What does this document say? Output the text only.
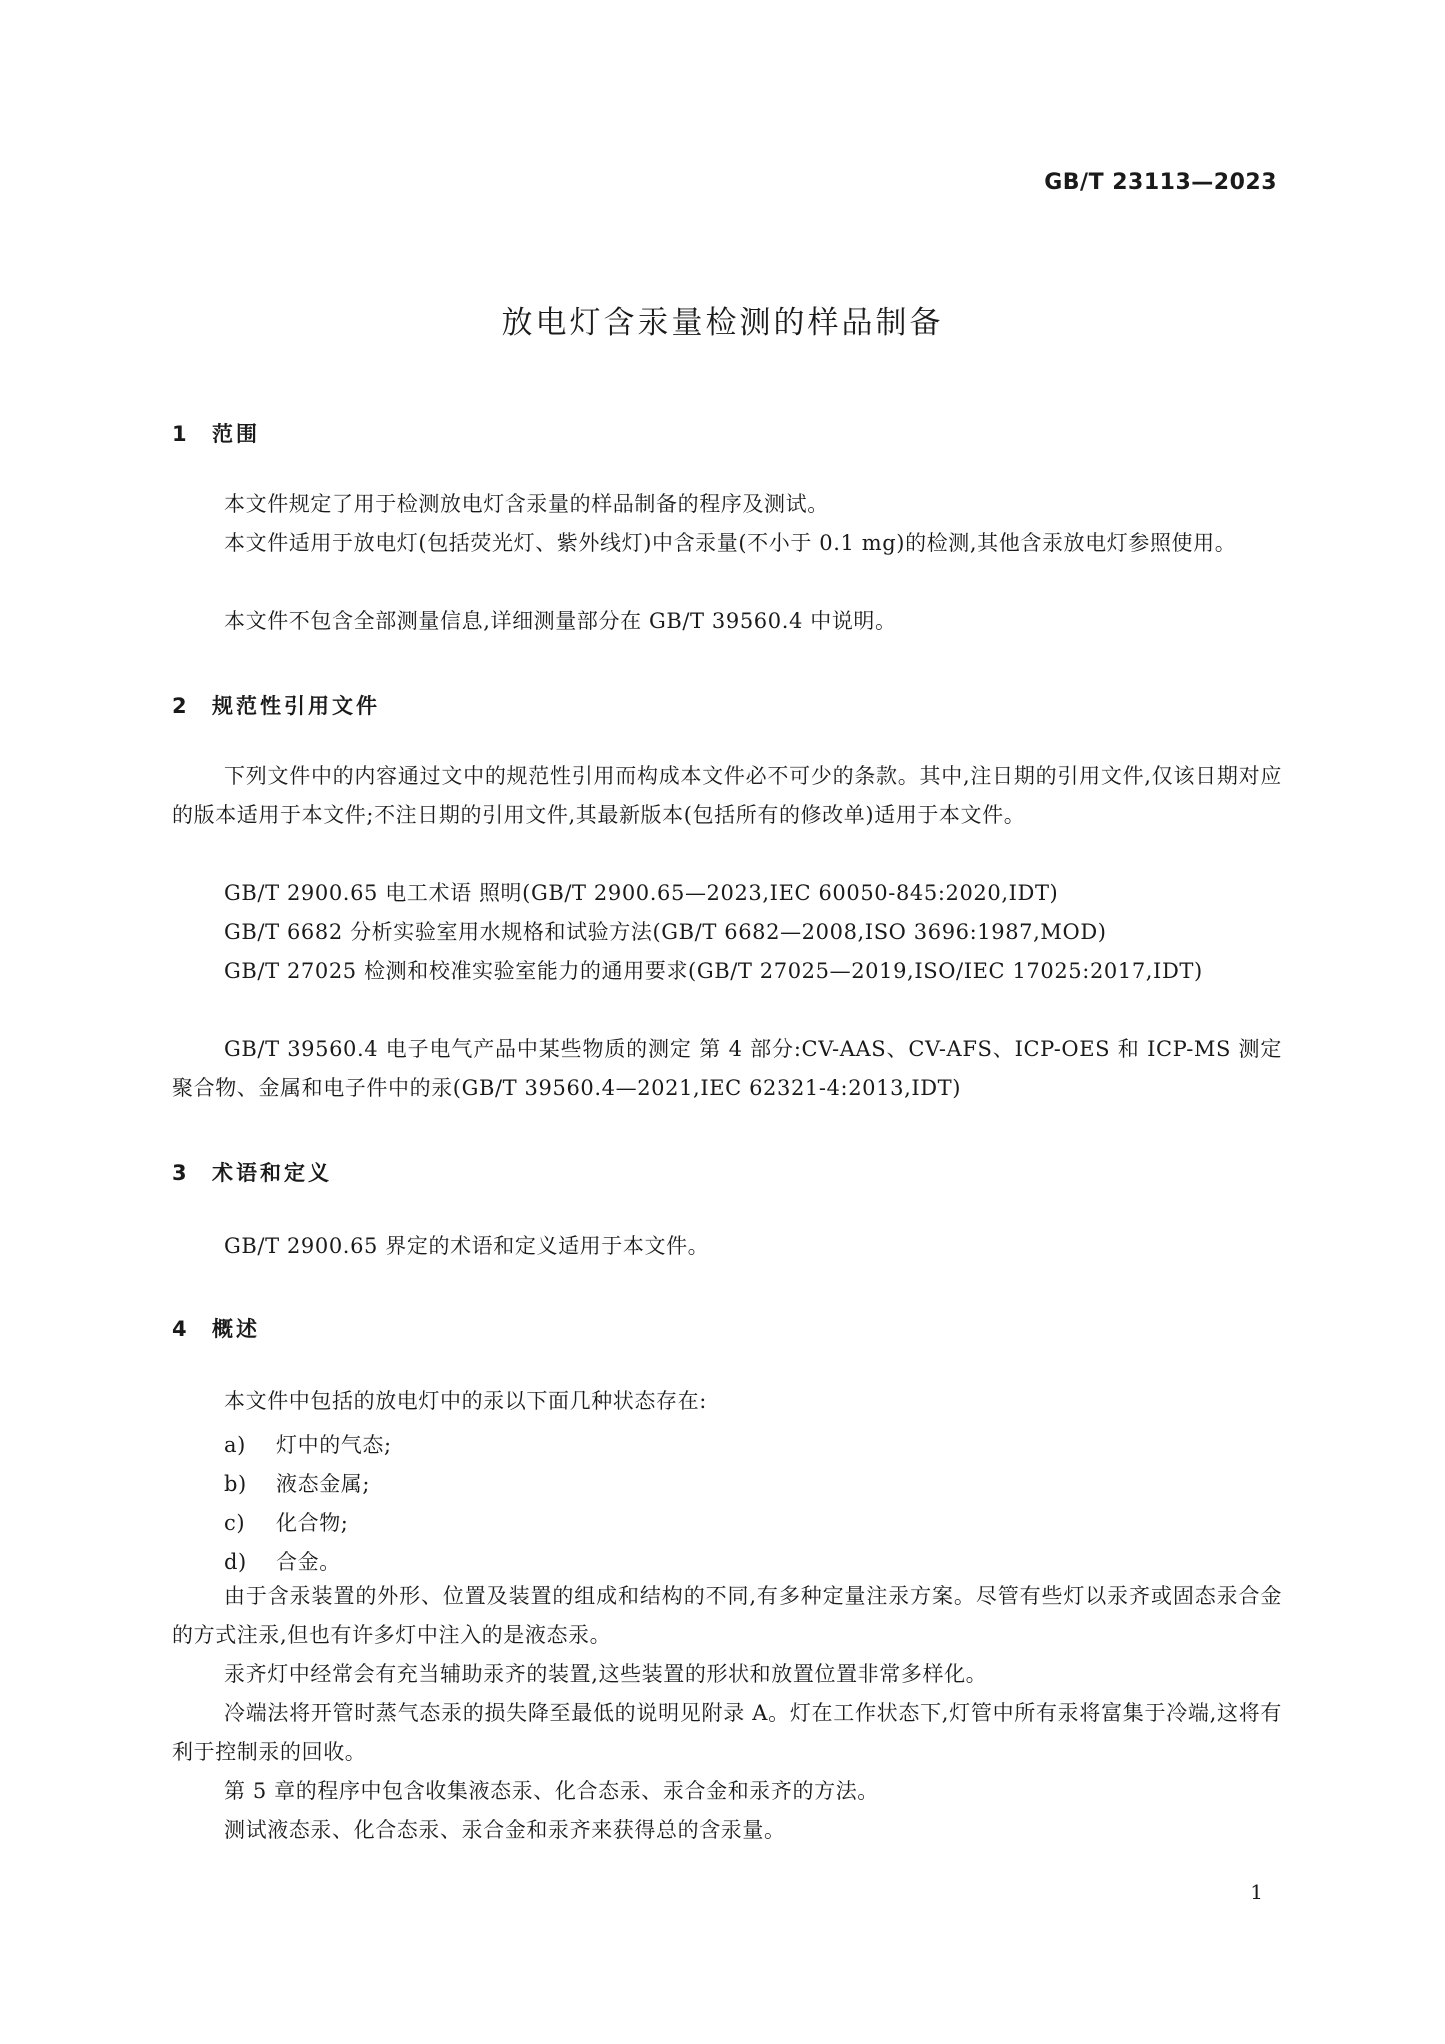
GB/T 23113—2023
放电灯含汞量检测的样品制备
1 范围
本文件规定了用于检测放电灯含汞量的样品制备的程序及测试。
本文件适用于放电灯(包括荧光灯、紫外线灯)中含汞量(不小于 0.1 mg)的检测,其他含汞放电灯参照使用。
本文件不包含全部测量信息,详细测量部分在 GB/T 39560.4 中说明。
2 规范性引用文件
下列文件中的内容通过文中的规范性引用而构成本文件必不可少的条款。其中,注日期的引用文件,仅该日期对应的版本适用于本文件;不注日期的引用文件,其最新版本(包括所有的修改单)适用于本文件。
GB/T 2900.65 电工术语 照明(GB/T 2900.65—2023,IEC 60050-845:2020,IDT)
GB/T 6682 分析实验室用水规格和试验方法(GB/T 6682—2008,ISO 3696:1987,MOD)
GB/T 27025 检测和校准实验室能力的通用要求(GB/T 27025—2019,ISO/IEC 17025:2017,IDT)
GB/T 39560.4 电子电气产品中某些物质的测定 第 4 部分:CV-AAS、CV-AFS、ICP-OES 和 ICP-MS 测定聚合物、金属和电子件中的汞(GB/T 39560.4—2021,IEC 62321-4:2013,IDT)
3 术语和定义
GB/T 2900.65 界定的术语和定义适用于本文件。
4 概述
本文件中包括的放电灯中的汞以下面几种状态存在:
a) 灯中的气态;
b) 液态金属;
c) 化合物;
d) 合金。
由于含汞装置的外形、位置及装置的组成和结构的不同,有多种定量注汞方案。尽管有些灯以汞齐或固态汞合金的方式注汞,但也有许多灯中注入的是液态汞。
汞齐灯中经常会有充当辅助汞齐的装置,这些装置的形状和放置位置非常多样化。
冷端法将开管时蒸气态汞的损失降至最低的说明见附录 A。灯在工作状态下,灯管中所有汞将富集于冷端,这将有利于控制汞的回收。
第 5 章的程序中包含收集液态汞、化合态汞、汞合金和汞齐的方法。
测试液态汞、化合态汞、汞合金和汞齐来获得总的含汞量。
1
